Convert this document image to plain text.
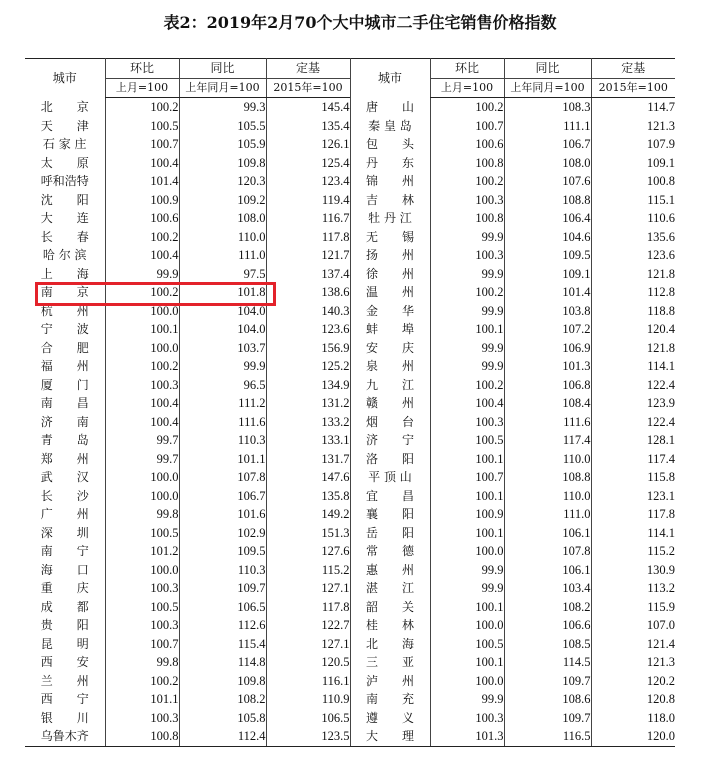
表2：2019年2月70个大中城市二手住宅销售价格指数
城市	环比	同比	定基	城市	环比	同比	定基
	上月=100	上年同月=100	2015年=100		上月=100	上年同月=100	2015年=100
北　　京	100.2	99.3	145.4	唐　　山	100.2	108.3	114.7
天　　津	100.5	105.5	135.4	秦 皇 岛	100.7	111.1	121.3
石 家 庄	100.7	105.9	126.1	包　　头	100.6	106.7	107.9
太　　原	100.4	109.8	125.4	丹　　东	100.8	108.0	109.1
呼和浩特	101.4	120.3	123.4	锦　　州	100.2	107.6	100.8
沈　　阳	100.9	109.2	119.4	吉　　林	100.3	108.8	115.1
大　　连	100.6	108.0	116.7	牡 丹 江	100.8	106.4	110.6
长　　春	100.2	110.0	117.8	无　　锡	99.9	104.6	135.6
哈 尔 滨	100.4	111.0	121.7	扬　　州	100.3	109.5	123.6
上　　海	99.9	97.5	137.4	徐　　州	99.9	109.1	121.8
南　　京	100.2	101.8	138.6	温　　州	100.2	101.4	112.8
杭　　州	100.0	104.0	140.3	金　　华	99.9	103.8	118.8
宁　　波	100.1	104.0	123.6	蚌　　埠	100.1	107.2	120.4
合　　肥	100.0	103.7	156.9	安　　庆	99.9	106.9	121.8
福　　州	100.2	99.9	125.2	泉　　州	99.9	101.3	114.1
厦　　门	100.3	96.5	134.9	九　　江	100.2	106.8	122.4
南　　昌	100.4	111.2	131.2	赣　　州	100.4	108.4	123.9
济　　南	100.4	111.6	133.2	烟　　台	100.3	111.6	122.4
青　　岛	99.7	110.3	133.1	济　　宁	100.5	117.4	128.1
郑　　州	99.7	101.1	131.7	洛　　阳	100.1	110.0	117.4
武　　汉	100.0	107.8	147.6	平 顶 山	100.7	108.8	115.8
长　　沙	100.0	106.7	135.8	宜　　昌	100.1	110.0	123.1
广　　州	99.8	101.6	149.2	襄　　阳	100.9	111.0	117.8
深　　圳	100.5	102.9	151.3	岳　　阳	100.1	106.1	114.1
南　　宁	101.2	109.5	127.6	常　　德	100.0	107.8	115.2
海　　口	100.0	110.3	115.2	惠　　州	99.9	106.1	130.9
重　　庆	100.3	109.7	127.1	湛　　江	99.9	103.4	113.2
成　　都	100.5	106.5	117.8	韶　　关	100.1	108.2	115.9
贵　　阳	100.3	112.6	122.7	桂　　林	100.0	106.6	107.0
昆　　明	100.7	115.4	127.1	北　　海	100.5	108.5	121.4
西　　安	99.8	114.8	120.5	三　　亚	100.1	114.5	121.3
兰　　州	100.2	109.8	116.1	泸　　州	100.0	109.7	120.2
西　　宁	101.1	108.2	110.9	南　　充	99.9	108.6	120.8
银　　川	100.3	105.8	106.5	遵　　义	100.3	109.7	118.0
乌鲁木齐	100.8	112.4	123.5	大　　理	101.3	116.5	120.0
